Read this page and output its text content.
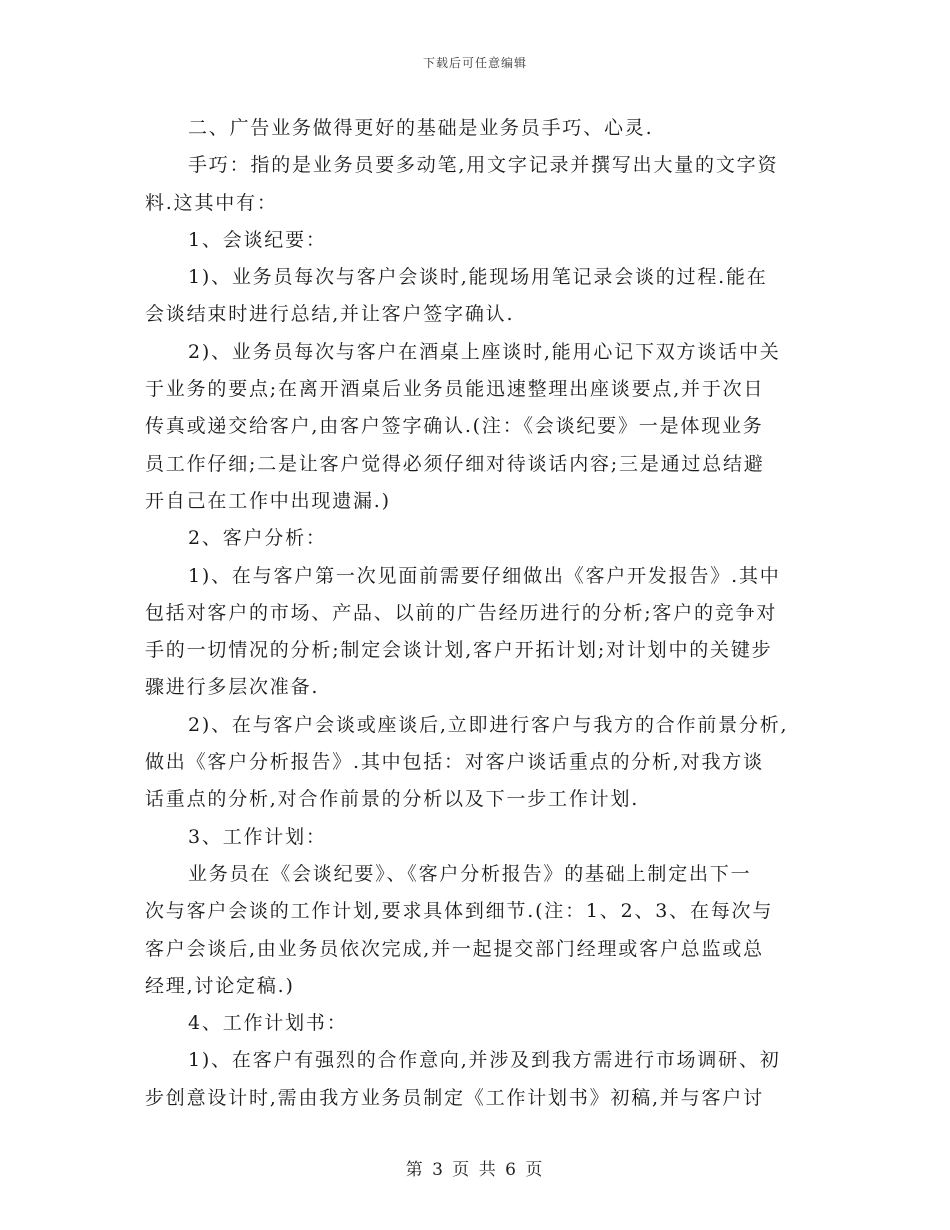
下载后可任意编辑
二、广告业务做得更好的基础是业务员手巧、心灵.
手巧：指的是业务员要多动笔,用文字记录并撰写出大量的文字资
料.这其中有：
1、会谈纪要：
1)、业务员每次与客户会谈时,能现场用笔记录会谈的过程.能在
会谈结束时进行总结,并让客户签字确认.
2)、业务员每次与客户在酒桌上座谈时,能用心记下双方谈话中关
于业务的要点;在离开酒桌后业务员能迅速整理出座谈要点,并于次日
传真或递交给客户,由客户签字确认.(注：《会谈纪要》一是体现业务
员工作仔细;二是让客户觉得必须仔细对待谈话内容;三是通过总结避
开自己在工作中出现遗漏.)
2、客户分析：
1)、在与客户第一次见面前需要仔细做出《客户开发报告》.其中
包括对客户的市场、产品、以前的广告经历进行的分析;客户的竞争对
手的一切情况的分析;制定会谈计划,客户开拓计划;对计划中的关键步
骤进行多层次准备.
2)、在与客户会谈或座谈后,立即进行客户与我方的合作前景分析,
做出《客户分析报告》.其中包括：对客户谈话重点的分析,对我方谈
话重点的分析,对合作前景的分析以及下一步工作计划.
3、工作计划：
业务员在《会谈纪要》、《客户分析报告》的基础上制定出下一
次与客户会谈的工作计划,要求具体到细节.(注：1、2、3、在每次与
客户会谈后,由业务员依次完成,并一起提交部门经理或客户总监或总
经理,讨论定稿.)
4、工作计划书：
1)、在客户有强烈的合作意向,并涉及到我方需进行市场调研、初
步创意设计时,需由我方业务员制定《工作计划书》初稿,并与客户讨
第 3 页 共 6 页
